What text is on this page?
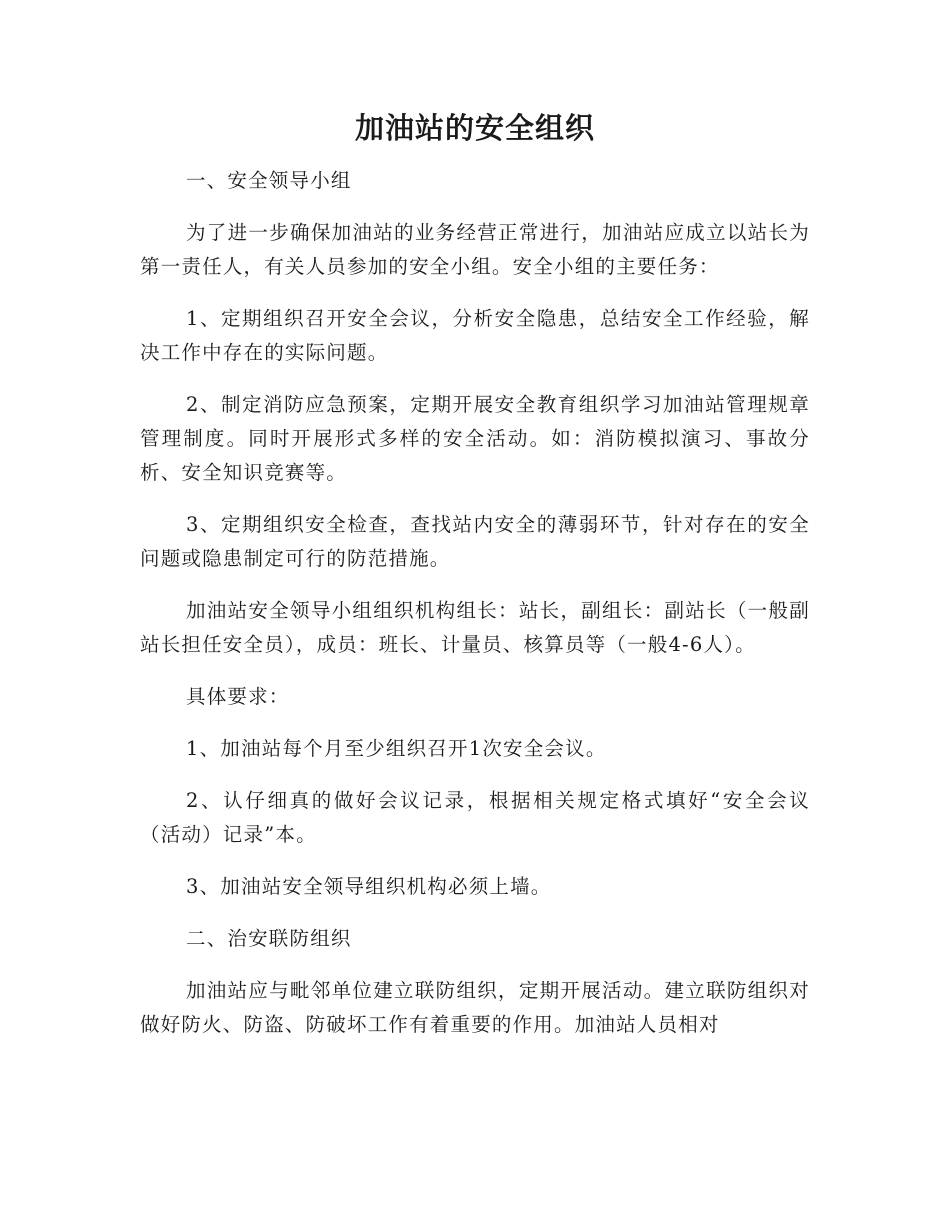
加油站的安全组织

一、安全领导小组

为了进一步确保加油站的业务经营正常进行，加油站应成立以站长为第一责任人，有关人员参加的安全小组。安全小组的主要任务：

1、定期组织召开安全会议，分析安全隐患，总结安全工作经验，解决工作中存在的实际问题。

2、制定消防应急预案，定期开展安全教育组织学习加油站管理规章管理制度。同时开展形式多样的安全活动。如：消防模拟演习、事故分析、安全知识竞赛等。

3、定期组织安全检查，查找站内安全的薄弱环节，针对存在的安全问题或隐患制定可行的防范措施。

加油站安全领导小组组织机构组长：站长，副组长：副站长（一般副站长担任安全员），成员：班长、计量员、核算员等（一般4-6人）。

具体要求：

1、加油站每个月至少组织召开1次安全会议。

2、认仔细真的做好会议记录，根据相关规定格式填好“安全会议（活动）记录”本。

3、加油站安全领导组织机构必须上墙。

二、治安联防组织

加油站应与毗邻单位建立联防组织，定期开展活动。建立联防组织对做好防火、防盗、防破坏工作有着重要的作用。加油站人员相对
